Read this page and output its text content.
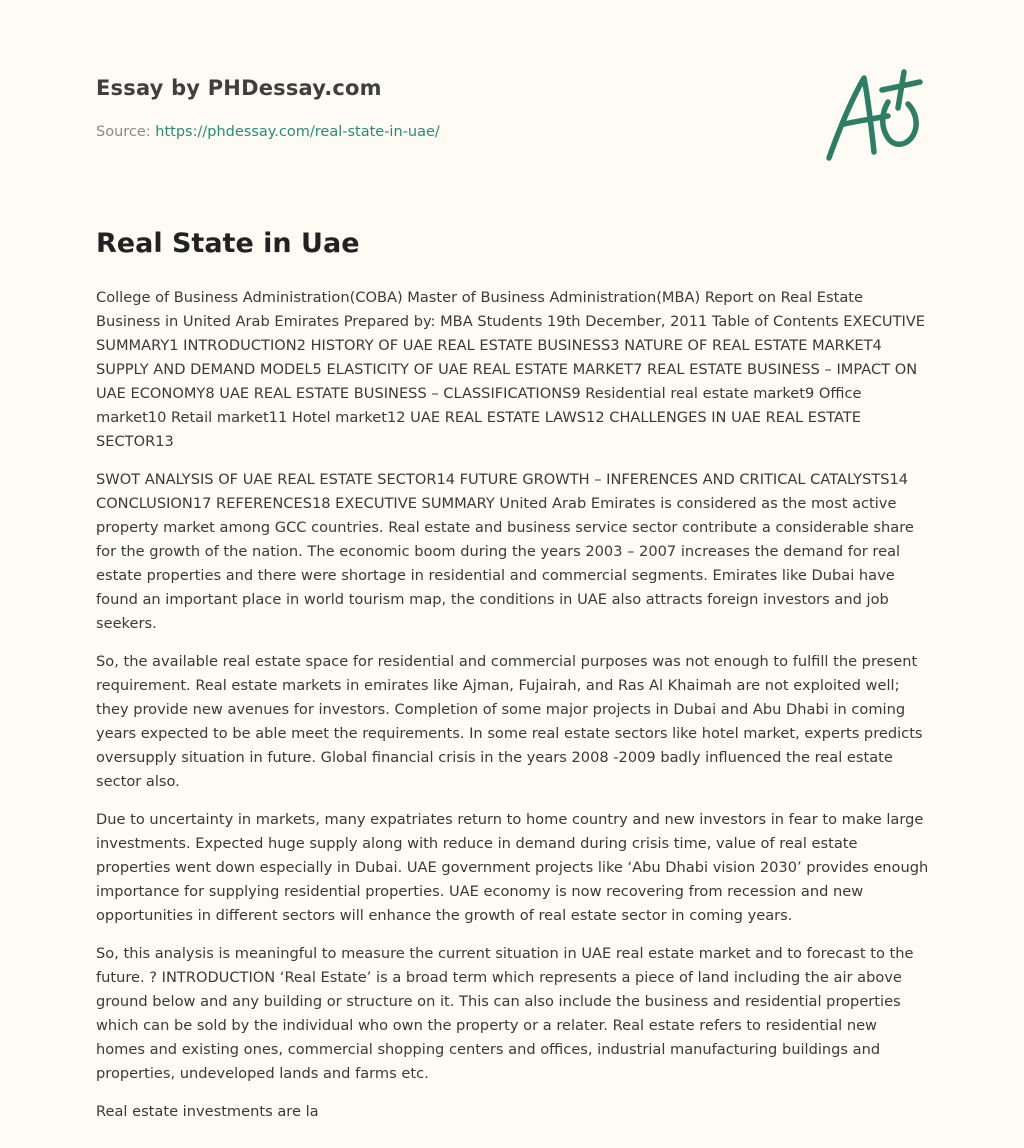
Essay by PHDessay.com
Source: https://phdessay.com/real-state-in-uae/
Real State in Uae

College of Business Administration(COBA) Master of Business Administration(MBA) Report on Real Estate Business in United Arab Emirates Prepared by: MBA Students 19th December, 2011 Table of Contents EXECUTIVE SUMMARY1 INTRODUCTION2 HISTORY OF UAE REAL ESTATE BUSINESS3 NATURE OF REAL ESTATE MARKET4 SUPPLY AND DEMAND MODEL5 ELASTICITY OF UAE REAL ESTATE MARKET7 REAL ESTATE BUSINESS – IMPACT ON UAE ECONOMY8 UAE REAL ESTATE BUSINESS – CLASSIFICATIONS9 Residential real estate market9 Office market10 Retail market11 Hotel market12 UAE REAL ESTATE LAWS12 CHALLENGES IN UAE REAL ESTATE SECTOR13

SWOT ANALYSIS OF UAE REAL ESTATE SECTOR14 FUTURE GROWTH – INFERENCES AND CRITICAL CATALYSTS14 CONCLUSION17 REFERENCES18 EXECUTIVE SUMMARY United Arab Emirates is considered as the most active property market among GCC countries. Real estate and business service sector contribute a considerable share for the growth of the nation. The economic boom during the years 2003 – 2007 increases the demand for real estate properties and there were shortage in residential and commercial segments. Emirates like Dubai have found an important place in world tourism map, the conditions in UAE also attracts foreign investors and job seekers.

So, the available real estate space for residential and commercial purposes was not enough to fulfill the present requirement. Real estate markets in emirates like Ajman, Fujairah, and Ras Al Khaimah are not exploited well; they provide new avenues for investors. Completion of some major projects in Dubai and Abu Dhabi in coming years expected to be able meet the requirements. In some real estate sectors like hotel market, experts predicts oversupply situation in future. Global financial crisis in the years 2008 -2009 badly influenced the real estate sector also.

Due to uncertainty in markets, many expatriates return to home country and new investors in fear to make large investments. Expected huge supply along with reduce in demand during crisis time, value of real estate properties went down especially in Dubai. UAE government projects like ‘Abu Dhabi vision 2030’ provides enough importance for supplying residential properties. UAE economy is now recovering from recession and new opportunities in different sectors will enhance the growth of real estate sector in coming years.

So, this analysis is meaningful to measure the current situation in UAE real estate market and to forecast to the future. ? INTRODUCTION ‘Real Estate’ is a broad term which represents a piece of land including the air above ground below and any building or structure on it. This can also include the business and residential properties which can be sold by the individual who own the property or a relater. Real estate refers to residential new homes and existing ones, commercial shopping centers and offices, industrial manufacturing buildings and properties, undeveloped lands and farms etc.

Real estate investments are la
